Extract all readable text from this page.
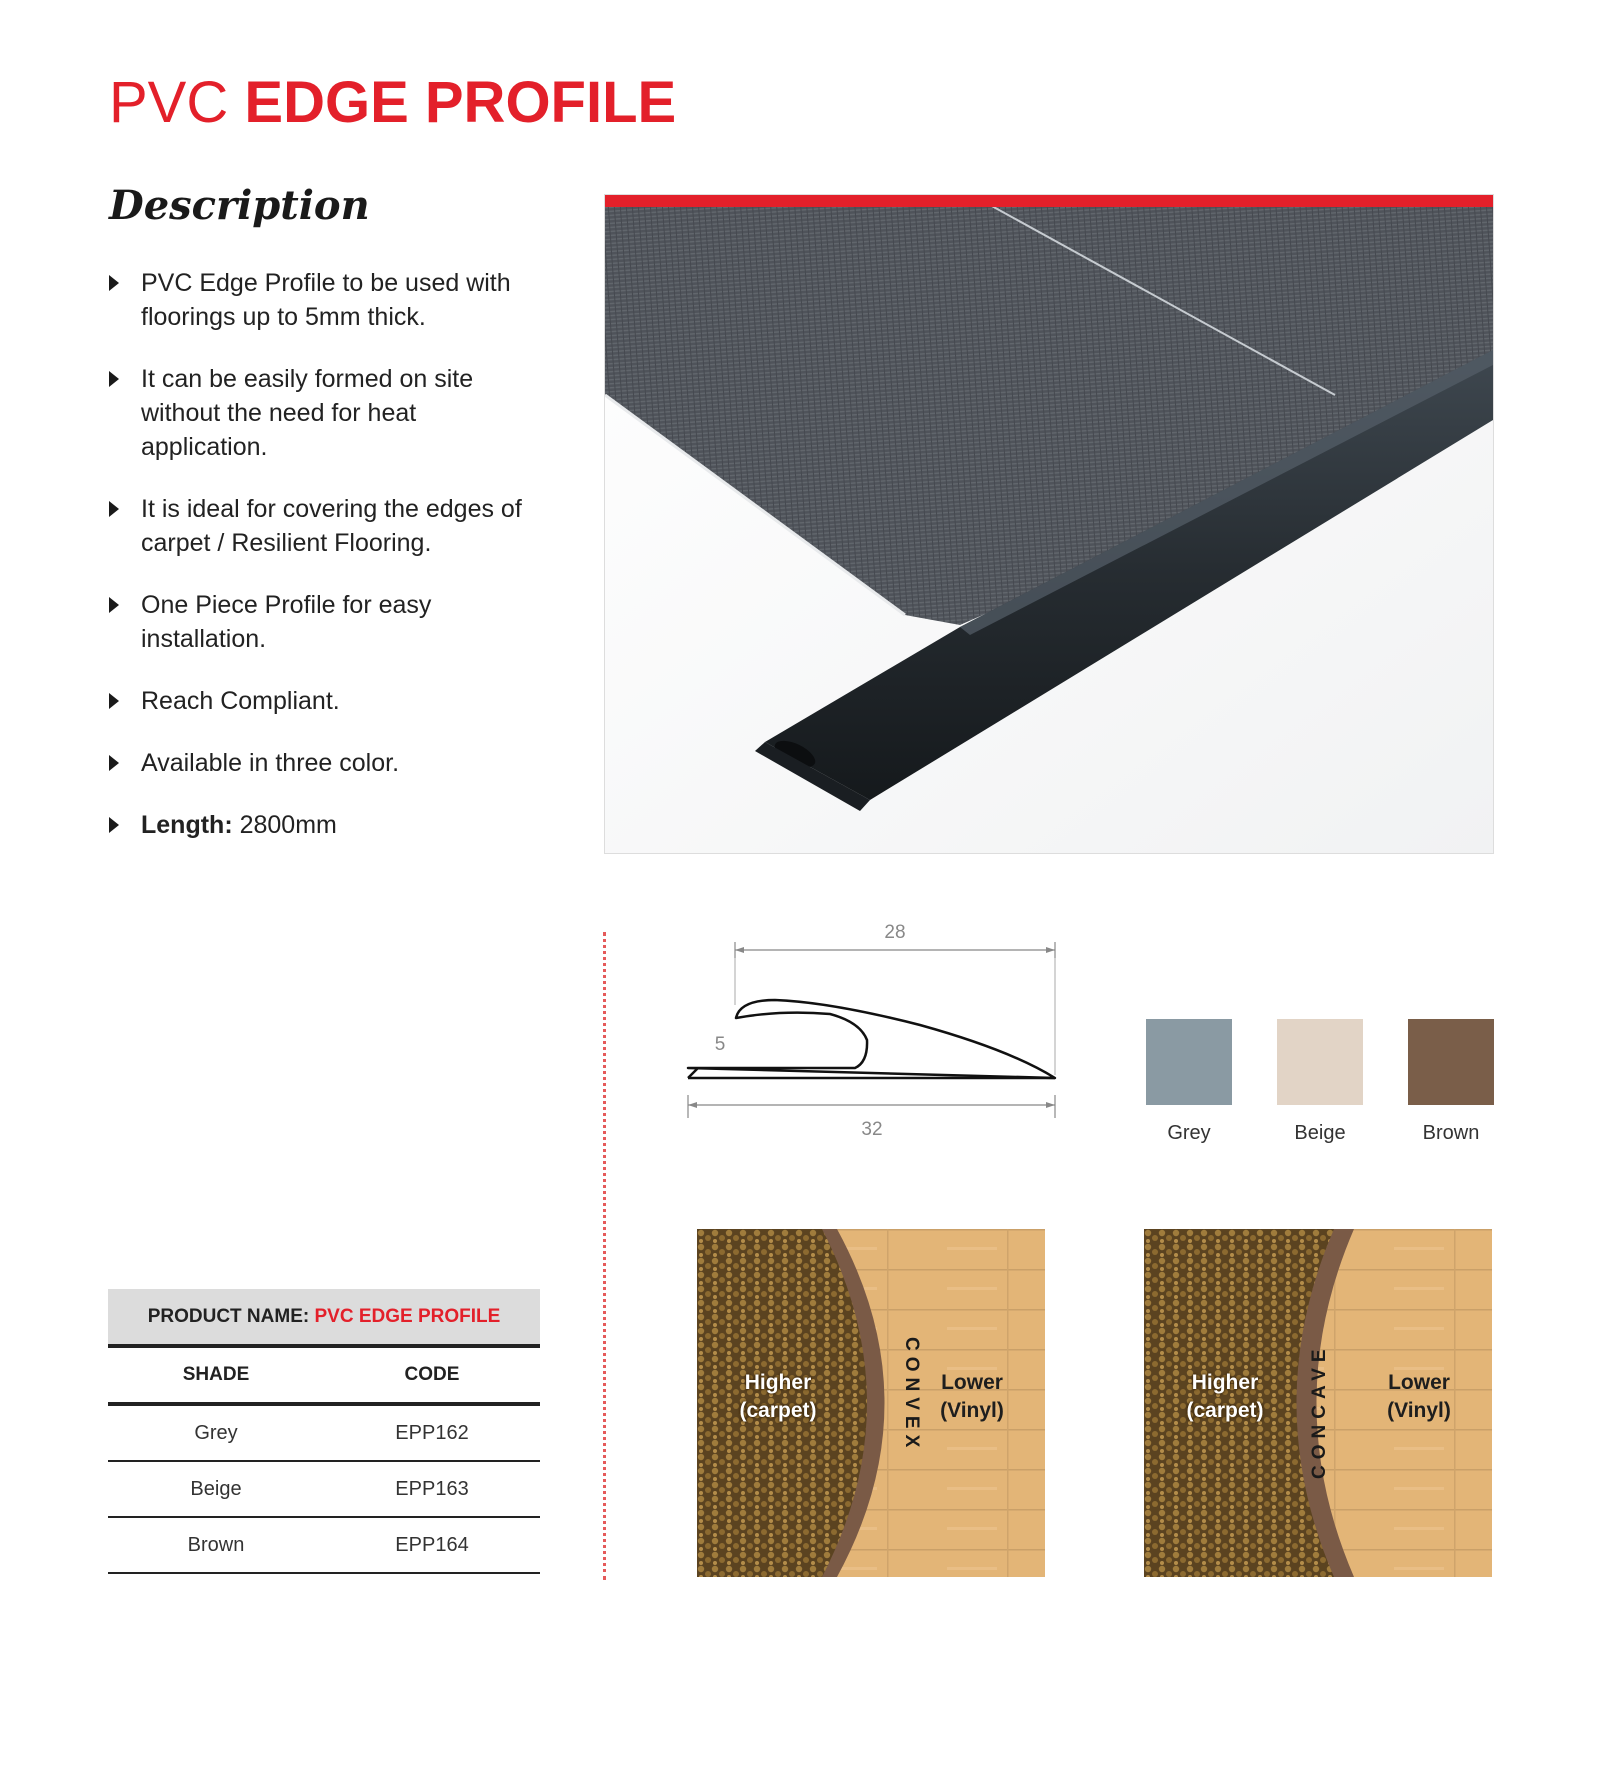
PVC EDGE PROFILE
Description
PVC Edge Profile to be used with floorings up to 5mm thick.
It can be easily formed on site without the need for heat application.
It is ideal for covering the edges of carpet / Resilient Flooring.
One Piece Profile for easy installation.
Reach Compliant.
Available in three color.
Length: 2800mm
28
5
32	Grey	Beige	Brown
PRODUCT NAME: PVC EDGE PROFILE
SHADE	CODE
Grey	EPP162
Beige	EPP163
Brown	EPP164
Higher
(carpet)	CONVEX Lower
(Vinyl)
Higher
(carpet)	CONCAVE	Lower
(Vinyl)
